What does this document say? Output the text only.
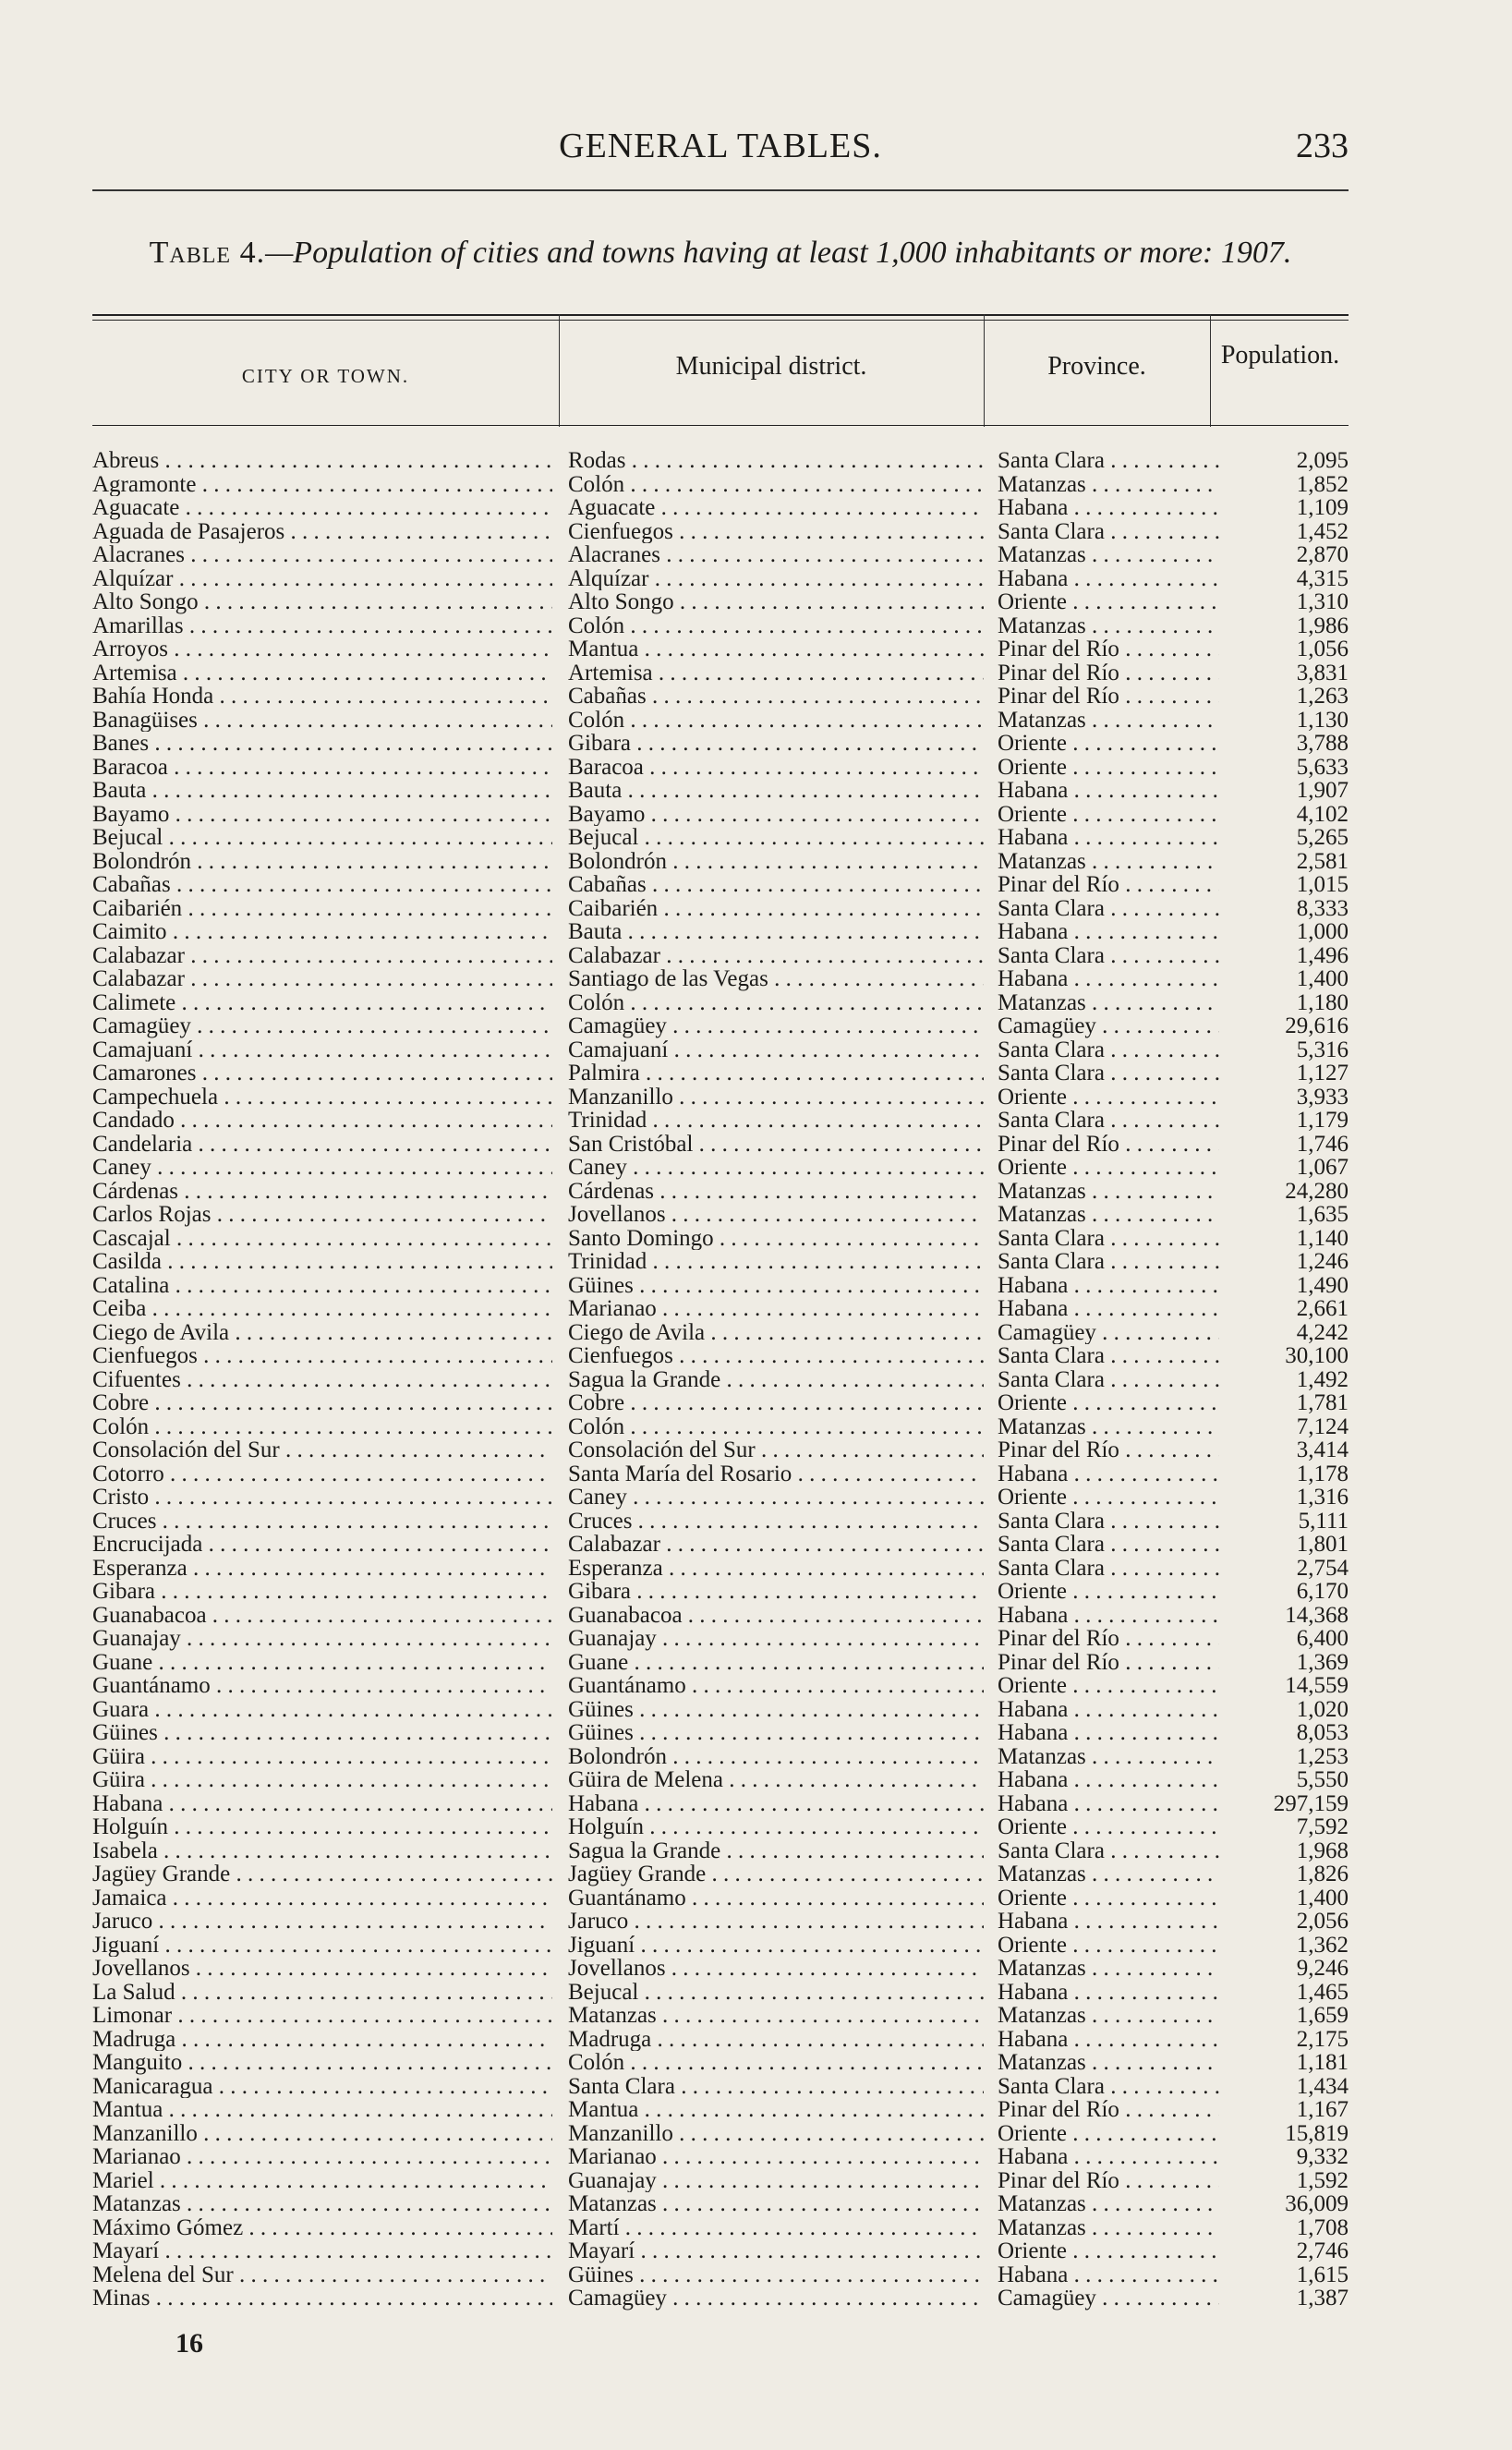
GENERAL TABLES.	233
Table 4.—Population of cities and towns having at least 1,000 inhabitants or more: 1907.
CITY OR TOWN.	Municipal district.	Province.	Population.
Abreus . . .	Rodas . . .	Santa Clara . . .	2,095
Agramonte . . .	Colón . . .	Matanzas . . .	1,852
Aguacate . . .	Aguacate . . .	Habana . . .	1,109
Aguada de Pasajeros . . .	Cienfuegos . . .	Santa Clara . . .	1,452
Alacranes . . .	Alacranes . . .	Matanzas . . .	2,870
Alquízar . . .	Alquízar . . .	Habana . . .	4,315
Alto Songo . . .	Alto Songo . . .	Oriente . . .	1,310
Amarillas . . .	Colón . . .	Matanzas . . .	1,986
Arroyos . . .	Mantua . . .	Pinar del Río . . .	1,056
Artemisa . . .	Artemisa . . .	Pinar del Río . . .	3,831
Bahía Honda . . .	Cabañas . . .	Pinar del Río . . .	1,263
Banagüises . . .	Colón . . .	Matanzas . . .	1,130
Banes . . .	Gibara . . .	Oriente . . .	3,788
Baracoa . . .	Baracoa . . .	Oriente . . .	5,633
Bauta . . .	Bauta . . .	Habana . . .	1,907
Bayamo . . .	Bayamo . . .	Oriente . . .	4,102
Bejucal . . .	Bejucal . . .	Habana . . .	5,265
Bolondrón . . .	Bolondrón . . .	Matanzas . . .	2,581
Cabañas . . .	Cabañas . . .	Pinar del Río . . .	1,015
Caibarién . . .	Caibarién . . .	Santa Clara . . .	8,333
Caimito . . .	Bauta . . .	Habana . . .	1,000
Calabazar . . .	Calabazar . . .	Santa Clara . . .	1,496
Calabazar . . .	Santiago de las Vegas . . .	Habana . . .	1,400
Calimete . . .	Colón . . .	Matanzas . . .	1,180
Camagüey . . .	Camagüey . . .	Camagüey . . .	29,616
Camajuaní . . .	Camajuaní . . .	Santa Clara . . .	5,316
Camarones . . .	Palmira . . .	Santa Clara . . .	1,127
Campechuela . . .	Manzanillo . . .	Oriente . . .	3,933
Candado . . .	Trinidad . . .	Santa Clara . . .	1,179
Candelaria . . .	San Cristóbal . . .	Pinar del Río . . .	1,746
Caney . . .	Caney . . .	Oriente . . .	1,067
Cárdenas . . .	Cárdenas . . .	Matanzas . . .	24,280
Carlos Rojas . . .	Jovellanos . . .	Matanzas . . .	1,635
Cascajal . . .	Santo Domingo . . .	Santa Clara . . .	1,140
Casilda . . .	Trinidad . . .	Santa Clara . . .	1,246
Catalina . . .	Güines . . .	Habana . . .	1,490
Ceiba . . .	Marianao . . .	Habana . . .	2,661
Ciego de Avila . . .	Ciego de Avila . . .	Camagüey . . .	4,242
Cienfuegos . . .	Cienfuegos . . .	Santa Clara . . .	30,100
Cifuentes . . .	Sagua la Grande . . .	Santa Clara . . .	1,492
Cobre . . .	Cobre . . .	Oriente . . .	1,781
Colón . . .	Colón . . .	Matanzas . . .	7,124
Consolación del Sur . . .	Consolación del Sur . . .	Pinar del Río . . .	3,414
Cotorro . . .	Santa María del Rosario . . .	Habana . . .	1,178
Cristo . . .	Caney . . .	Oriente . . .	1,316
Cruces . . .	Cruces . . .	Santa Clara . . .	5,111
Encrucijada . . .	Calabazar . . .	Santa Clara . . .	1,801
Esperanza . . .	Esperanza . . .	Santa Clara . . .	2,754
Gibara . . .	Gibara . . .	Oriente . . .	6,170
Guanabacoa . . .	Guanabacoa . . .	Habana . . .	14,368
Guanajay . . .	Guanajay . . .	Pinar del Río . . .	6,400
Guane . . .	Guane . . .	Pinar del Río . . .	1,369
Guantánamo . . .	Guantánamo . . .	Oriente . . .	14,559
Guara . . .	Güines . . .	Habana . . .	1,020
Güines . . .	Güines . . .	Habana . . .	8,053
Güira . . .	Bolondrón . . .	Matanzas . . .	1,253
Güira . . .	Güira de Melena . . .	Habana . . .	5,550
Habana . . .	Habana . . .	Habana . . .	297,159
Holguín . . .	Holguín . . .	Oriente . . .	7,592
Isabela . . .	Sagua la Grande . . .	Santa Clara . . .	1,968
Jagüey Grande . . .	Jagüey Grande . . .	Matanzas . . .	1,826
Jamaica . . .	Guantánamo . . .	Oriente . . .	1,400
Jaruco . . .	Jaruco . . .	Habana . . .	2,056
Jiguaní . . .	Jiguaní . . .	Oriente . . .	1,362
Jovellanos . . .	Jovellanos . . .	Matanzas . . .	9,246
La Salud . . .	Bejucal . . .	Habana . . .	1,465
Limonar . . .	Matanzas . . .	Matanzas . . .	1,659
Madruga . . .	Madruga . . .	Habana . . .	2,175
Manguito . . .	Colón . . .	Matanzas . . .	1,181
Manicaragua . . .	Santa Clara . . .	Santa Clara . . .	1,434
Mantua . . .	Mantua . . .	Pinar del Río . . .	1,167
Manzanillo . . .	Manzanillo . . .	Oriente . . .	15,819
Marianao . . .	Marianao . . .	Habana . . .	9,332
Mariel . . .	Guanajay . . .	Pinar del Río . . .	1,592
Matanzas . . .	Matanzas . . .	Matanzas . . .	36,009
Máximo Gómez . . .	Martí . . .	Matanzas . . .	1,708
Mayarí . . .	Mayarí . . .	Oriente . . .	2,746
Melena del Sur . . .	Güines . . .	Habana . . .	1,615
Minas . . .	Camagüey . . .	Camagüey . . .	1,387
16
